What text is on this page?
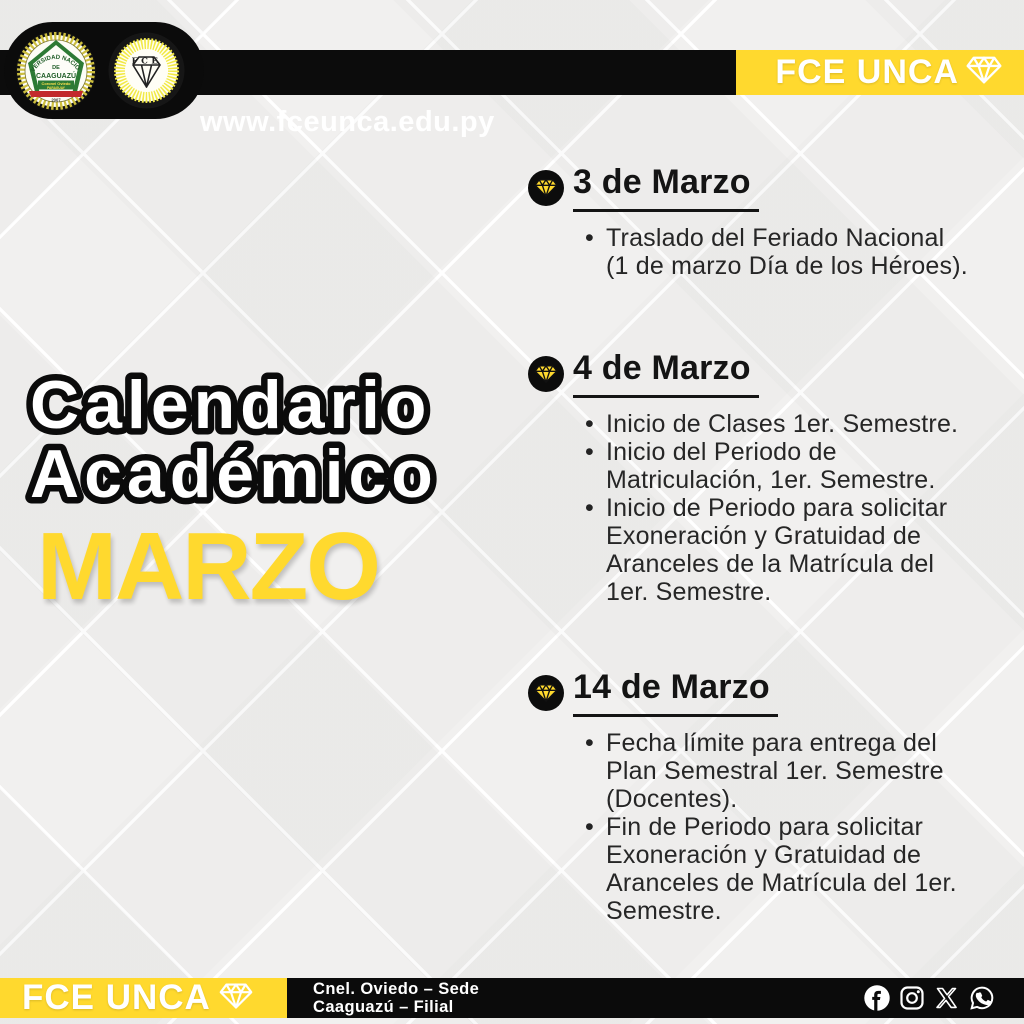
www.fceunca.edu.py
FCE UNCA
VERSIDAD NACIO
DE
CAAGUAZÚ
Coronel Oviedo
PARAGUAY
2007
FCE
Calendario
Académico
MARZO
3 de Marzo
• Traslado del Feriado Nacional
(1 de marzo Día de los Héroes).
4 de Marzo
• Inicio de Clases 1er. Semestre.
• Inicio del Periodo de
Matriculación, 1er. Semestre.
• Inicio de Periodo para solicitar
Exoneración y Gratuidad de
Aranceles de la Matrícula del
1er. Semestre.
14 de Marzo
• Fecha límite para entrega del
Plan Semestral 1er. Semestre
(Docentes).
• Fin de Periodo para solicitar
Exoneración y Gratuidad de
Aranceles de Matrícula del 1er.
Semestre.
FCE UNCA	Cnel. Oviedo – Sede
Caaguazú – Filial
